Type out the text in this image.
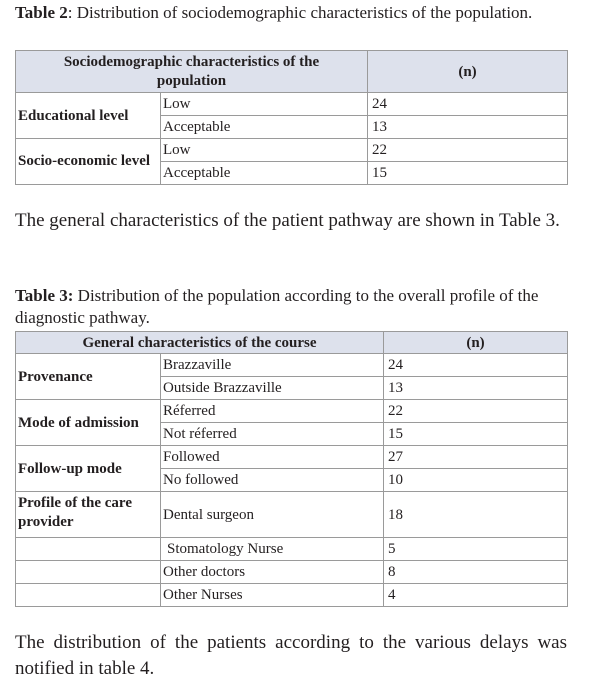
Table 2: Distribution of sociodemographic characteristics of the population.

Sociodemographic characteristics of the population		(n)
Educational level	Low	24
	Acceptable	13
Socio-economic level	Low	22
	Acceptable	15

The general characteristics of the patient pathway are shown in Table 3.

Table 3: Distribution of the population according to the overall profile of the diagnostic pathway.

General characteristics of the course		(n)
Provenance	Brazzaville	24
	Outside Brazzaville	13
Mode of admission	Réferred	22
	Not réferred	15
Follow-up mode	Followed	27
	No followed	10
Profile of the care provider	Dental surgeon	18
	Stomatology Nurse	5
	Other doctors	8
	Other Nurses	4

The distribution of the patients according to the various delays was notified in table 4.
